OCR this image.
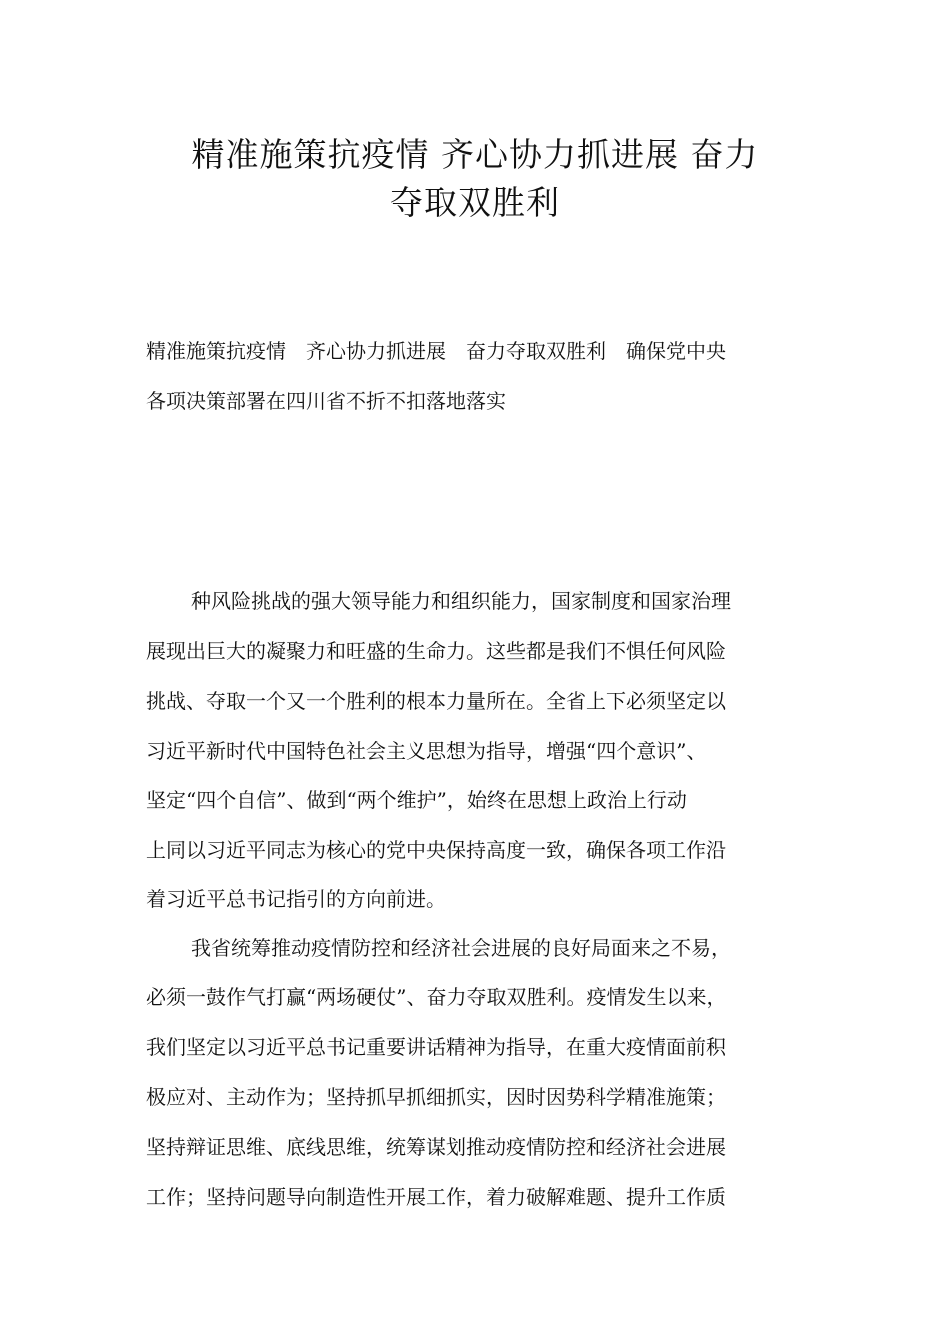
精准施策抗疫情 齐心协力抓进展 奋力
夺取双胜利
精准施策抗疫情 齐心协力抓进展 奋力夺取双胜利 确保党中央
各项决策部署在四川省不折不扣落地落实
种风险挑战的强大领导能力和组织能力，国家制度和国家治理
展现出巨大的凝聚力和旺盛的生命力。这些都是我们不惧任何风险
挑战、夺取一个又一个胜利的根本力量所在。全省上下必须坚定以
习近平新时代中国特色社会主义思想为指导，增强“四个意识”、
坚定“四个自信”、做到“两个维护”，始终在思想上政治上行动
上同以习近平同志为核心的党中央保持高度一致，确保各项工作沿
着习近平总书记指引的方向前进。
我省统筹推动疫情防控和经济社会进展的良好局面来之不易，
必须一鼓作气打赢“两场硬仗”、奋力夺取双胜利。疫情发生以来，
我们坚定以习近平总书记重要讲话精神为指导，在重大疫情面前积
极应对、主动作为；坚持抓早抓细抓实，因时因势科学精准施策；
坚持辩证思维、底线思维，统筹谋划推动疫情防控和经济社会进展
工作；坚持问题导向制造性开展工作，着力破解难题、提升工作质
